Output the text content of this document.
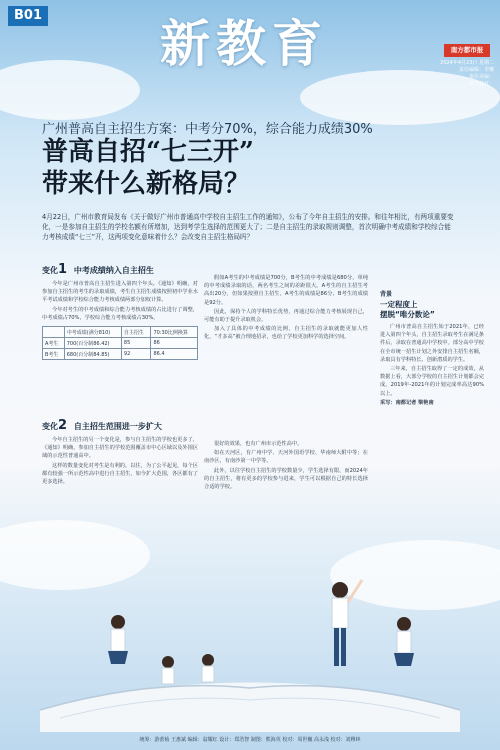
B01 新教育	南方都市报
2024年4月23日 星期二
责任编辑：李娜
责任美编：
责任校对：
广州普高自主招生方案：中考分70%，综合能力成绩30%
普高自招“七三开”
带来什么新格局？
4月22日，广州市教育局发布《关于做好广州市普通高中学校自主招生工作的通知》，公布了今年自主招生的安排。和往年相比，有两项重要变化，一是参加自主招生的学校名额有所增加，达到考学生选择的范围更大了；二是自主招生的录取规则调整，首次明确中考成绩和学校综合能力考核成绩“七三”开，这两项变化意味着什么？会改变自主招生格局吗？
变化1 中考成绩纳入自主招生

今年是广州市普高自主招生进入第四个年头。《通知》明确，对参加自主招生的考生的录取成绩，考生自主招生成绩按照初中学业水平考试成绩和学校综合能力考核成绩两部分加权计算。

今年对考生的中考成绩和综合能力考核成绩的占比进行了调整，中考成绩占70%，学校综合能力考核成绩占30%。

	中考成绩(满分810)	自主招生	70:30比例换算
A考生	700(百分制86.42)	85	86
B考生	680(百分制84.85)	92	86.4

假如A考生的中考成绩是700分，B考生的中考成绩是680分，单纯的中考成绩录取的话，两名考生之间的差距很大。A考生的自主招生考高出20分，但如果按照自主招生，A考生的成绩是86分，B考生的成绩是92分。

因此，保持个人的学科特长优势，再通过综合能力考核展现自己，可能有助于提升录取机会。

加入了具体的中考成绩的比例，自主招生的录取就能更加人性化，“才多高”被合理地招录，也给了学校更加科学的选择空间。

变化2 自主招生范围进一步扩大

今年自主招生的另一个变化是，参与自主招生的学校也更多了，《通知》明确，参加自主招生的学校范围覆盖市中心区域以及外围区域的示范性普通高中。

这样的数量变化对考生是有利的。以往，为了公平起见，每个区都有较强一所示范性高中进行自主招生，如今扩大范围，各区都有了更多选择。

很好的效果，也有广州市示范性高中。

如在天河区，有广州中学、天河外国语学校、华南师大附中等；在南沙区，有南沙第一中学等。

此外，以往学校自主招生的学校数量少，学生选择有限，而2024年的自主招生，将有更多的学校参与进来，学生可以根据自己的特长选择合适的学校。

背景
一定程度上
摆脱“唯分数论”

广州市普高自主招生始于2021年，已经进入第四个年头，自主招生录取考生在满足条件后，录取在普通高中学校中。部分高中学校在全市统一招生计划之外安排自主招生名额，录取具有学科特长、创新潜质的学生。

三年来，自主招生取得了一定的成效，从数据上看，大部分学校的自主招生计划都会完成。2019年-2021年的计划完成率高达90%以上。

采写：南都记者 梁艳南
统筹：游蕾桢 王惠斌 编辑：翁耀红 设计：郑浩智 制图：熊海英 校对：周世巍 高永浅 校对：刘穆林
